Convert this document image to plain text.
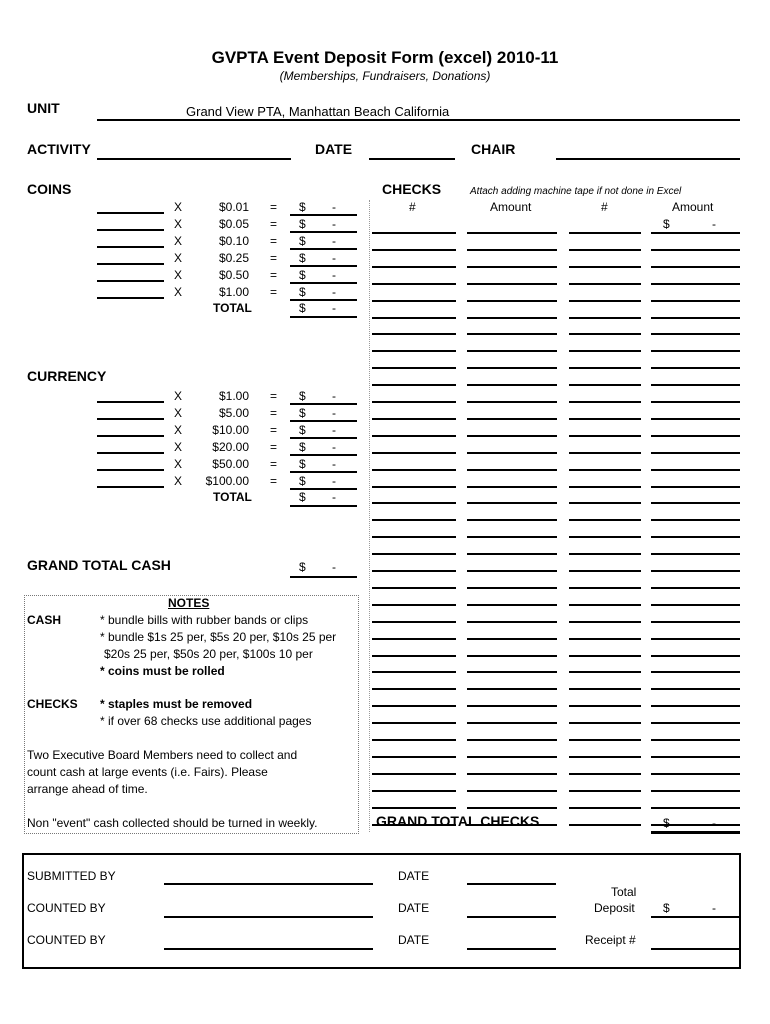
GVPTA Event Deposit Form (excel) 2010-11
(Memberships, Fundraisers, Donations)
UNIT	Grand View PTA, Manhattan Beach California
ACTIVITY	DATE	CHAIR
COINS
X	$0.01 = $ -
X	$0.05 = $ -
X	$0.10 = $ -
X	$0.25 = $ -
X	$0.50 = $ -
X	$1.00 = $ -
TOTAL	$ -
CURRENCY
X	$1.00 = $ -
X	$5.00 = $ -
X	$10.00 = $ -
X	$20.00 = $ -
X	$50.00 = $ -
X	$100.00 = $ -
TOTAL	$ -
GRAND TOTAL CASH	$ -
NOTES
CASH	* bundle bills with rubber bands or clips
* bundle $1s 25 per, $5s 20 per, $10s 25 per
$20s 25 per, $50s 20 per, $100s 10 per
* coins must be rolled
CHECKS * staples must be removed
* if over 68 checks use additional pages
Two Executive Board Members need to collect and
count cash at large events (i.e. Fairs). Please
arrange ahead of time.
Non "event" cash collected should be turned in weekly.
CHECKS	Attach adding machine tape if not done in Excel
#	Amount	#	Amount
$	-
GRAND TOTAL CHECKS	$	-
SUBMITTED BY	DATE
COUNTED BY	DATE
COUNTED BY	DATE
Total
Deposit $	-
Receipt #
